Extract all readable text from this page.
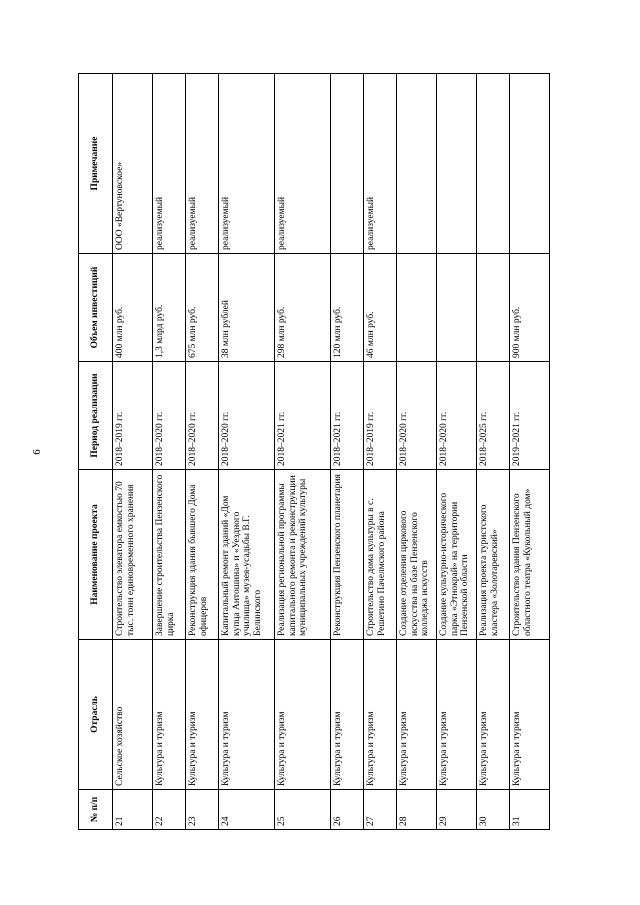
6
№ п/п	Отрасль	Наименование проекта	Период реализации	Объем инвестиций	Примечание
21	Сельское хозяйство	Строительство элеватора емкостью 70 тыс. тонн единовременного хранения	2018–2019 гг.	400 млн руб.	ООО «Вертуновское»
22	Культура и туризм	Завершение строительства Пензенского цирка	2018–2020 гг.	1,3 млрд руб.	реализуемый
23	Культура и туризм	Реконструкция здания бывшего Дома офицеров	2018–2020 гг.	675 млн руб.	реализуемый
24	Культура и туризм	Капитальный ремонт зданий «Дом купца Антошина» и «Уездного училища» музея-усадьбы В.Г. Белинского	2018–2020 гг.	38 млн рублей	реализуемый
25	Культура и туризм	Реализация региональной программы капитального ремонта и реконструкции муниципальных учреждений культуры	2018–2021 гг.	298 млн руб.	реализуемый
26	Культура и туризм	Реконструкция Пензенского планетария	2018–2021 гг.	120 млн руб.	
27	Культура и туризм	Строительство дома культуры в с. Решетино Пачелмского района	2018–2019 гг.	46 млн руб.	реализуемый
28	Культура и туризм	Создание отделения циркового искусства на базе Пензенского колледжа искусств	2018–2020 гг.		
29	Культура и туризм	Создание культурно-исторического парка «Этнокрай» на территории Пензенской области	2018–2020 гг.		
30	Культура и туризм	Реализация проекта туристского кластера «Золотаревский»	2018–2025 гг.		
31	Культура и туризм	Строительство здания Пензенского областного театра «Кукольный дом»	2019–2021 гг.	900 млн руб.	
